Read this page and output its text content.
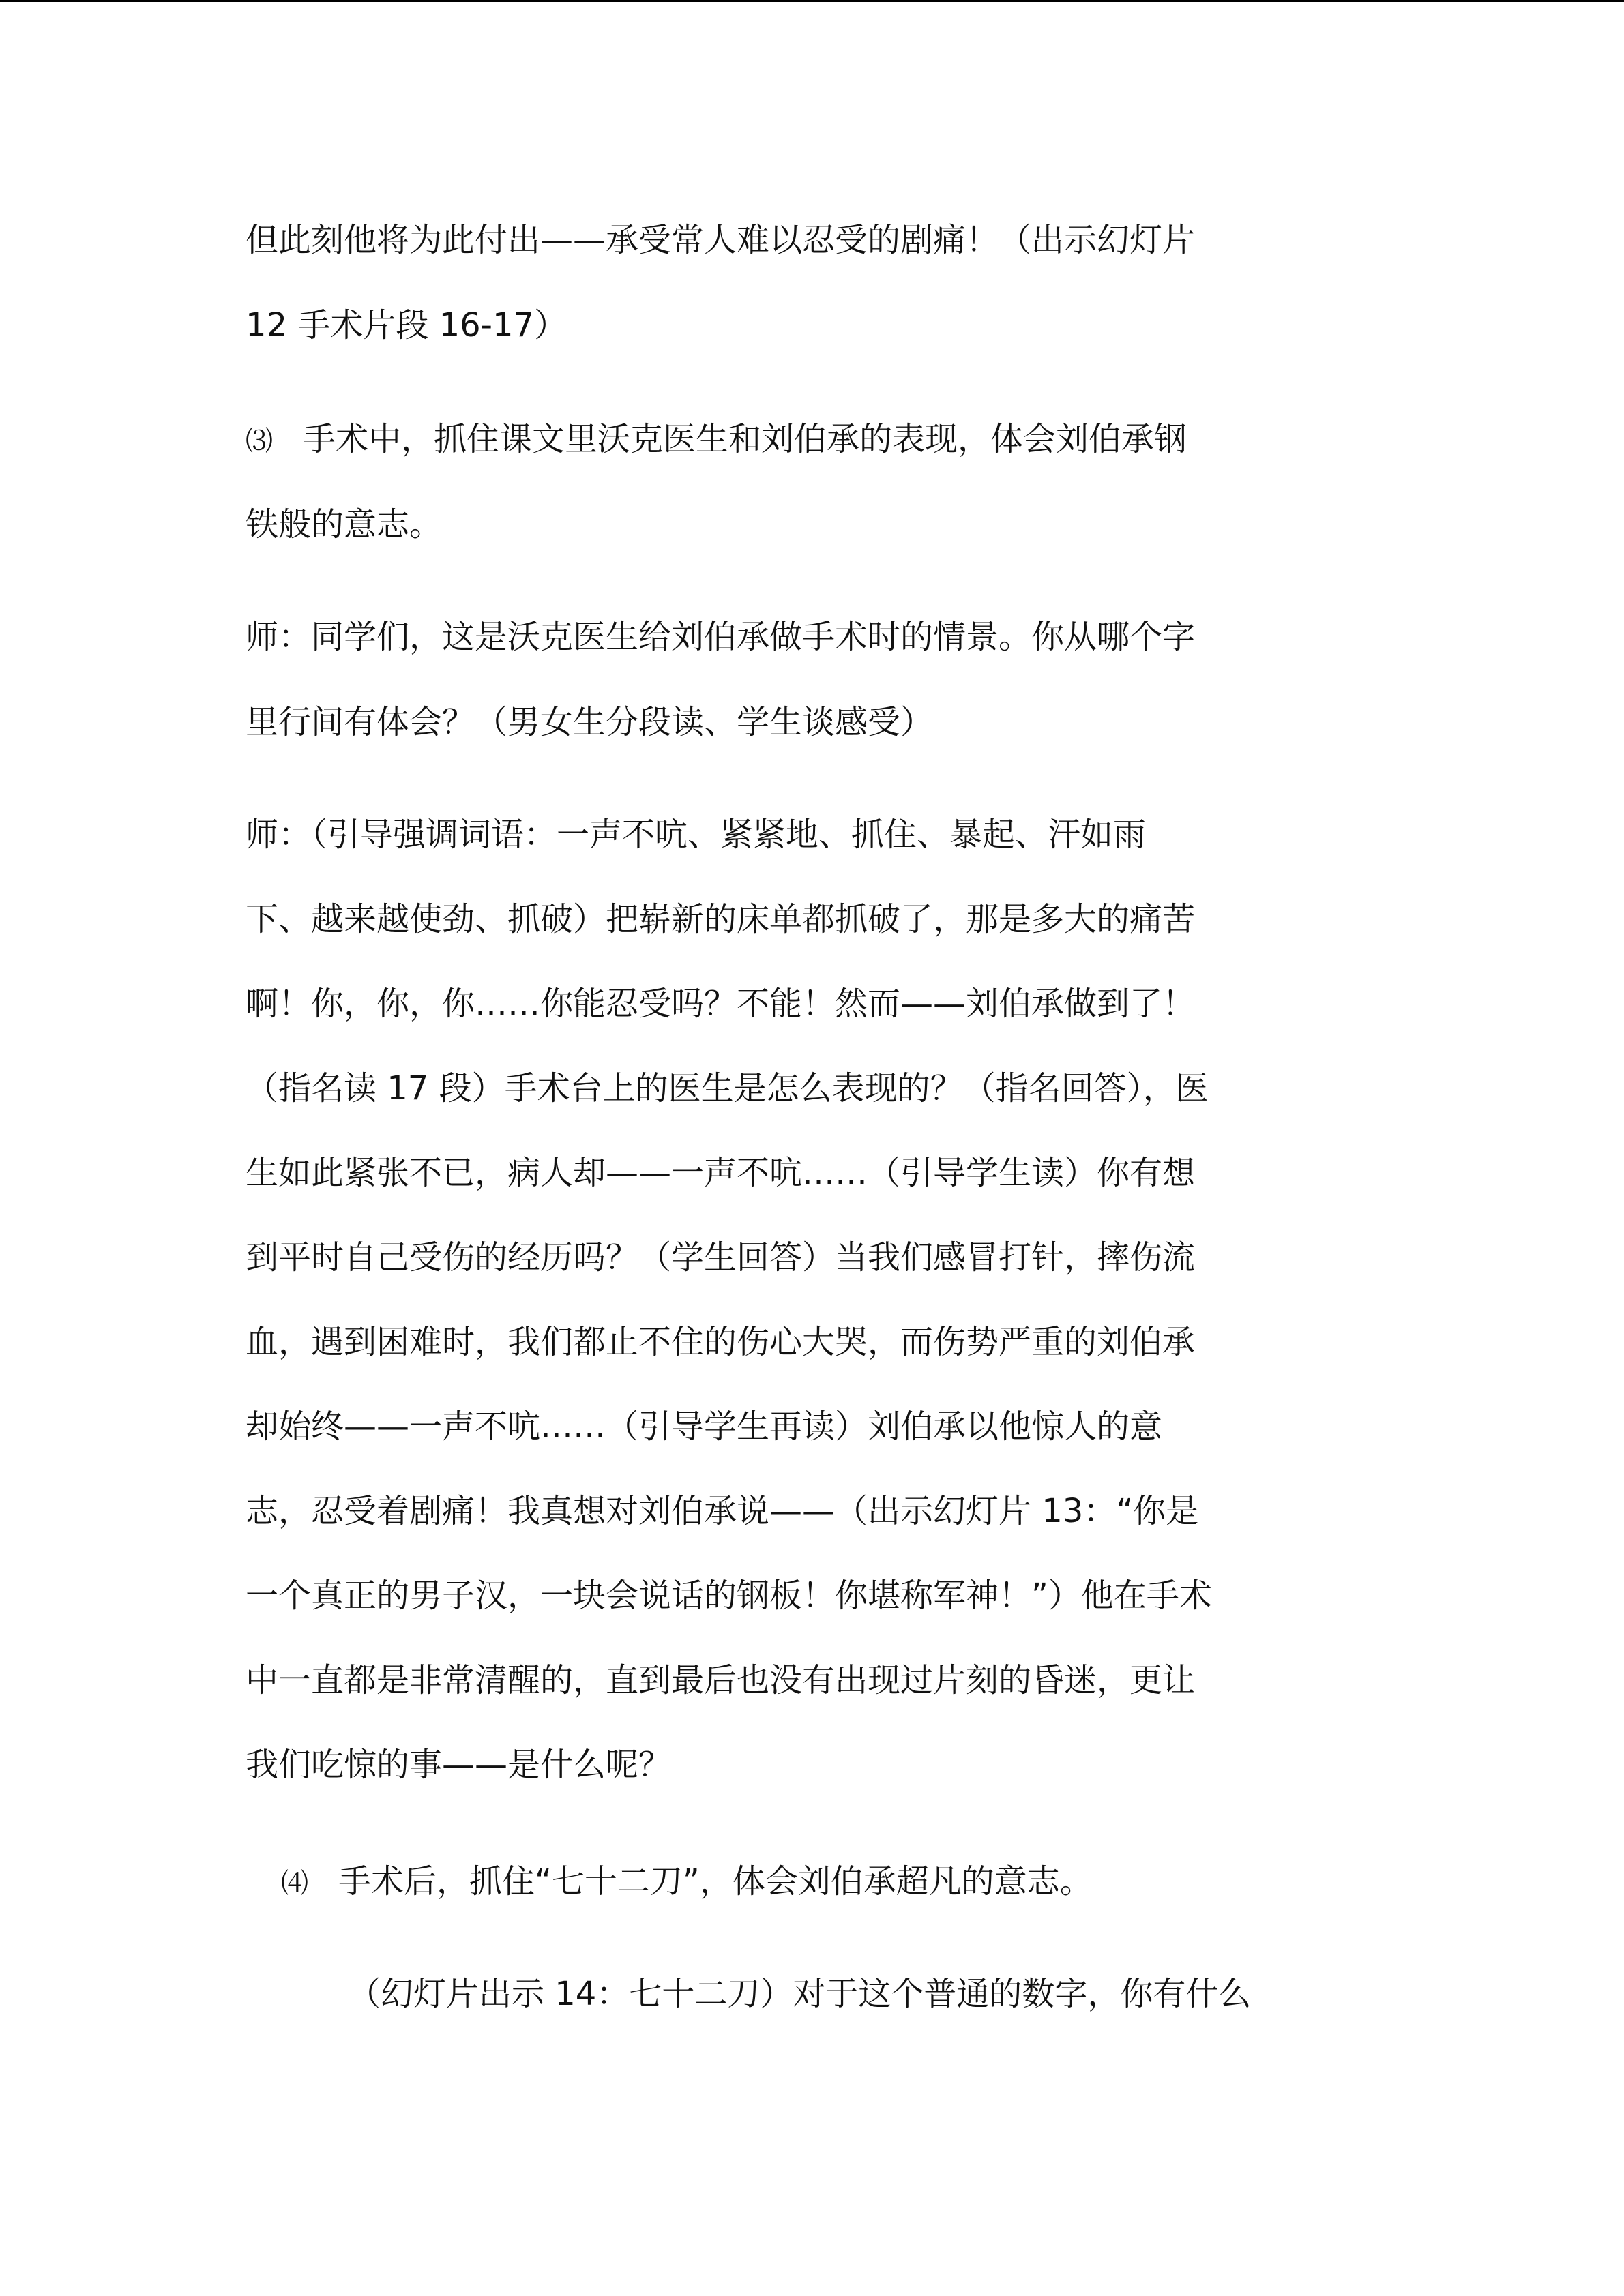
但此刻他将为此付出——承受常人难以忍受的剧痛！（出示幻灯片
12 手术片段 16-17）
⑶ 手术中，抓住课文里沃克医生和刘伯承的表现，体会刘伯承钢
铁般的意志。
师：同学们，这是沃克医生给刘伯承做手术时的情景。你从哪个字
里行间有体会？（男女生分段读、学生谈感受）
师：（引导强调词语：一声不吭、紧紧地、抓住、暴起、汗如雨
下、越来越使劲、抓破）把崭新的床单都抓破了，那是多大的痛苦
啊！你，你，你……你能忍受吗？不能！然而——刘伯承做到了！
（指名读 17 段）手术台上的医生是怎么表现的？（指名回答），医
生如此紧张不已，病人却——一声不吭……（引导学生读）你有想
到平时自己受伤的经历吗？（学生回答）当我们感冒打针，摔伤流
血，遇到困难时，我们都止不住的伤心大哭，而伤势严重的刘伯承
却始终——一声不吭……（引导学生再读）刘伯承以他惊人的意
志，忍受着剧痛！我真想对刘伯承说——（出示幻灯片 13：“你是
一个真正的男子汉，一块会说话的钢板！你堪称军神！”）他在手术
中一直都是非常清醒的，直到最后也没有出现过片刻的昏迷，更让
我们吃惊的事——是什么呢？
⑷ 手术后，抓住“七十二刀”，体会刘伯承超凡的意志。
（幻灯片出示 14：七十二刀）对于这个普通的数字，你有什么
